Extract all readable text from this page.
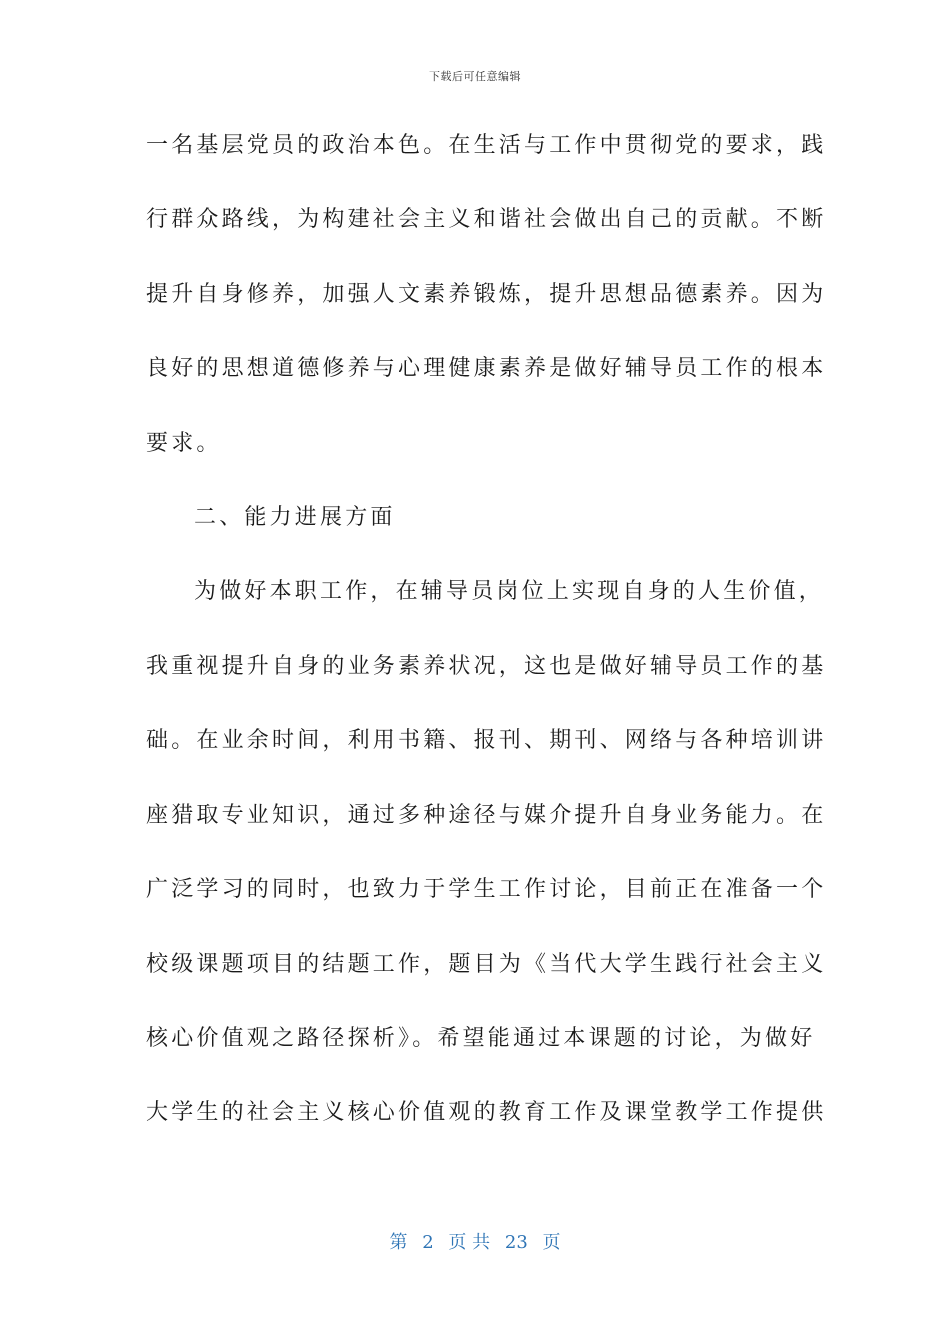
下载后可任意编辑
一名基层党员的政治本色。在生活与工作中贯彻党的要求，践
行群众路线，为构建社会主义和谐社会做出自己的贡献。不断
提升自身修养，加强人文素养锻炼，提升思想品德素养。因为
良好的思想道德修养与心理健康素养是做好辅导员工作的根本
要求。
二、能力进展方面
为做好本职工作，在辅导员岗位上实现自身的人生价值，
我重视提升自身的业务素养状况，这也是做好辅导员工作的基
础。在业余时间，利用书籍、报刊、期刊、网络与各种培训讲
座猎取专业知识，通过多种途径与媒介提升自身业务能力。在
广泛学习的同时，也致力于学生工作讨论，目前正在准备一个
校级课题项目的结题工作，题目为《当代大学生践行社会主义
核心价值观之路径探析》。希望能通过本课题的讨论，为做好
大学生的社会主义核心价值观的教育工作及课堂教学工作提供
第 2 页 共 23 页
